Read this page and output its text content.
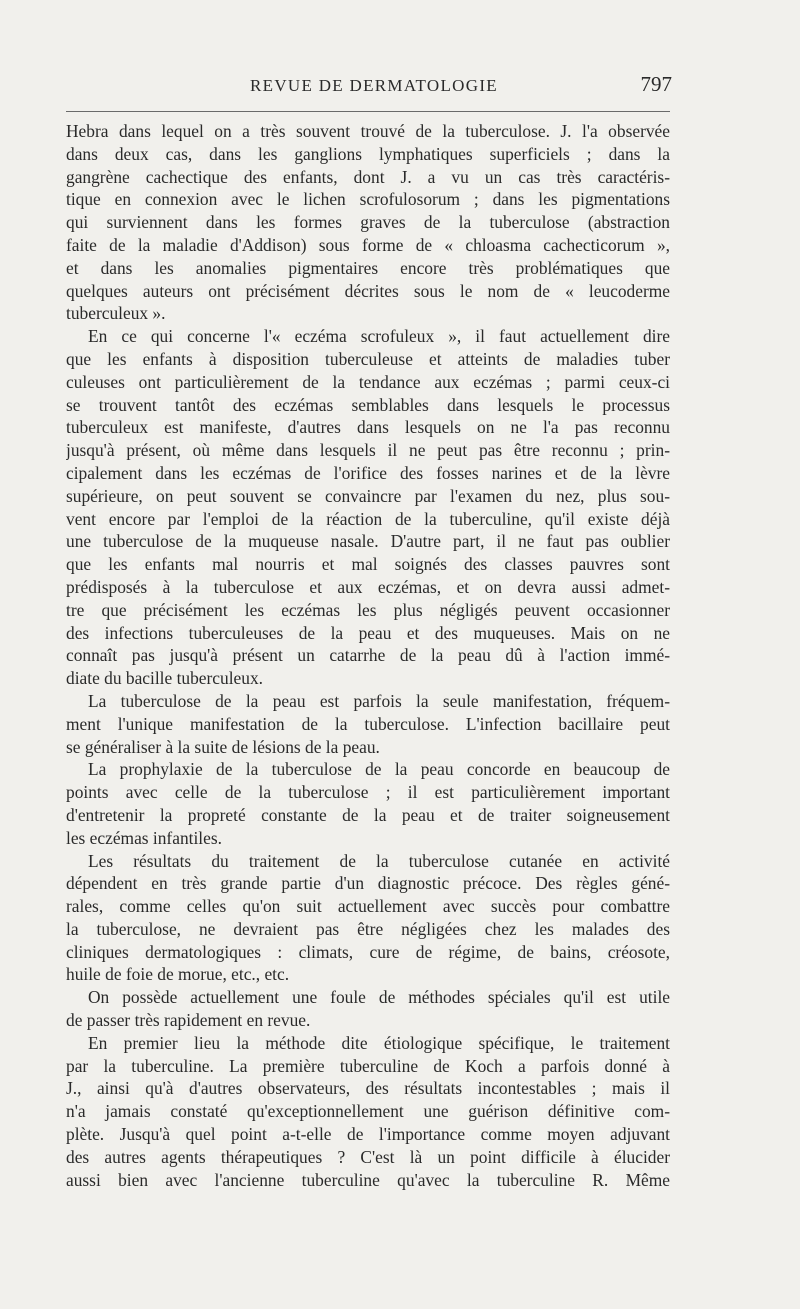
REVUE DE DERMATOLOGIE	797
Hebra dans lequel on a très souvent trouvé de la tuberculose. J. l'a observée
dans deux cas, dans les ganglions lymphatiques superficiels ; dans la
gangrène cachectique des enfants, dont J. a vu un cas très caractéris-
tique en connexion avec le lichen scrofulosorum ; dans les pigmentations
qui surviennent dans les formes graves de la tuberculose (abstraction
faite de la maladie d'Addison) sous forme de « chloasma cachecticorum »,
et dans les anomalies pigmentaires encore très problématiques que
quelques auteurs ont précisément décrites sous le nom de « leucoderme
tuberculeux ».
En ce qui concerne l'« eczéma scrofuleux », il faut actuellement dire
que les enfants à disposition tuberculeuse et atteints de maladies tuber
culeuses ont particulièrement de la tendance aux eczémas ; parmi ceux-ci
se trouvent tantôt des eczémas semblables dans lesquels le processus
tuberculeux est manifeste, d'autres dans lesquels on ne l'a pas reconnu
jusqu'à présent, où même dans lesquels il ne peut pas être reconnu ; prin-
cipalement dans les eczémas de l'orifice des fosses narines et de la lèvre
supérieure, on peut souvent se convaincre par l'examen du nez, plus sou-
vent encore par l'emploi de la réaction de la tuberculine, qu'il existe déjà
une tuberculose de la muqueuse nasale. D'autre part, il ne faut pas oublier
que les enfants mal nourris et mal soignés des classes pauvres sont
prédisposés à la tuberculose et aux eczémas, et on devra aussi admet-
tre que précisément les eczémas les plus négligés peuvent occasionner
des infections tuberculeuses de la peau et des muqueuses. Mais on ne
connaît pas jusqu'à présent un catarrhe de la peau dû à l'action immé-
diate du bacille tuberculeux.
La tuberculose de la peau est parfois la seule manifestation, fréquem-
ment l'unique manifestation de la tuberculose. L'infection bacillaire peut
se généraliser à la suite de lésions de la peau.
La prophylaxie de la tuberculose de la peau concorde en beaucoup de
points avec celle de la tuberculose ; il est particulièrement important
d'entretenir la propreté constante de la peau et de traiter soigneusement
les eczémas infantiles.
Les résultats du traitement de la tuberculose cutanée en activité
dépendent en très grande partie d'un diagnostic précoce. Des règles géné-
rales, comme celles qu'on suit actuellement avec succès pour combattre
la tuberculose, ne devraient pas être négligées chez les malades des
cliniques dermatologiques : climats, cure de régime, de bains, créosote,
huile de foie de morue, etc., etc.
On possède actuellement une foule de méthodes spéciales qu'il est utile
de passer très rapidement en revue.
En premier lieu la méthode dite étiologique spécifique, le traitement
par la tuberculine. La première tuberculine de Koch a parfois donné à
J., ainsi qu'à d'autres observateurs, des résultats incontestables ; mais il
n'a jamais constaté qu'exceptionnellement une guérison définitive com-
plète. Jusqu'à quel point a-t-elle de l'importance comme moyen adjuvant
des autres agents thérapeutiques ? C'est là un point difficile à élucider
aussi bien avec l'ancienne tuberculine qu'avec la tuberculine R. Même
